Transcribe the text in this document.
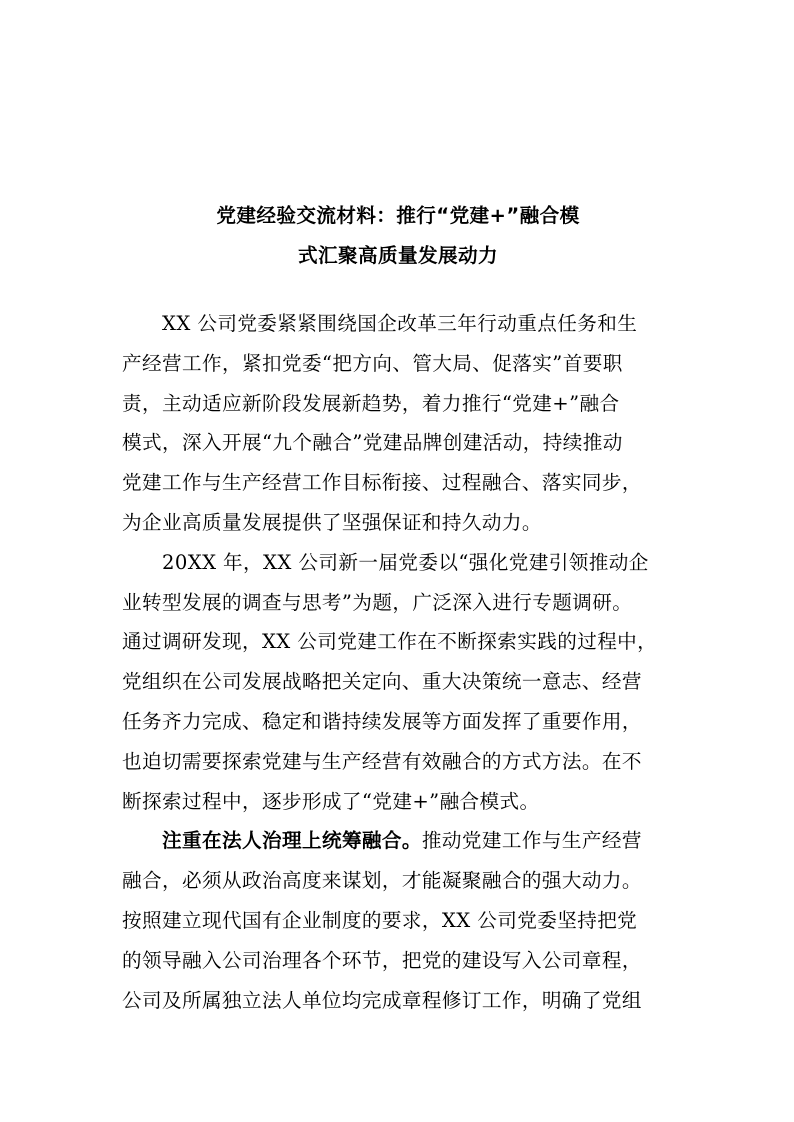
党建经验交流材料：推行“党建+”融合模
式汇聚高质量发展动力
XX 公司党委紧紧围绕国企改革三年行动重点任务和生
产经营工作，紧扣党委“把方向、管大局、促落实”首要职
责，主动适应新阶段发展新趋势，着力推行“党建+”融合
模式，深入开展“九个融合”党建品牌创建活动，持续推动
党建工作与生产经营工作目标衔接、过程融合、落实同步，
为企业高质量发展提供了坚强保证和持久动力。
20XX 年，XX 公司新一届党委以“强化党建引领推动企
业转型发展的调查与思考”为题，广泛深入进行专题调研。
通过调研发现，XX 公司党建工作在不断探索实践的过程中，
党组织在公司发展战略把关定向、重大决策统一意志、经营
任务齐力完成、稳定和谐持续发展等方面发挥了重要作用，
也迫切需要探索党建与生产经营有效融合的方式方法。在不
断探索过程中，逐步形成了“党建+”融合模式。
注重在法人治理上统筹融合。推动党建工作与生产经营
融合，必须从政治高度来谋划，才能凝聚融合的强大动力。
按照建立现代国有企业制度的要求，XX 公司党委坚持把党
的领导融入公司治理各个环节，把党的建设写入公司章程，
公司及所属独立法人单位均完成章程修订工作，明确了党组
